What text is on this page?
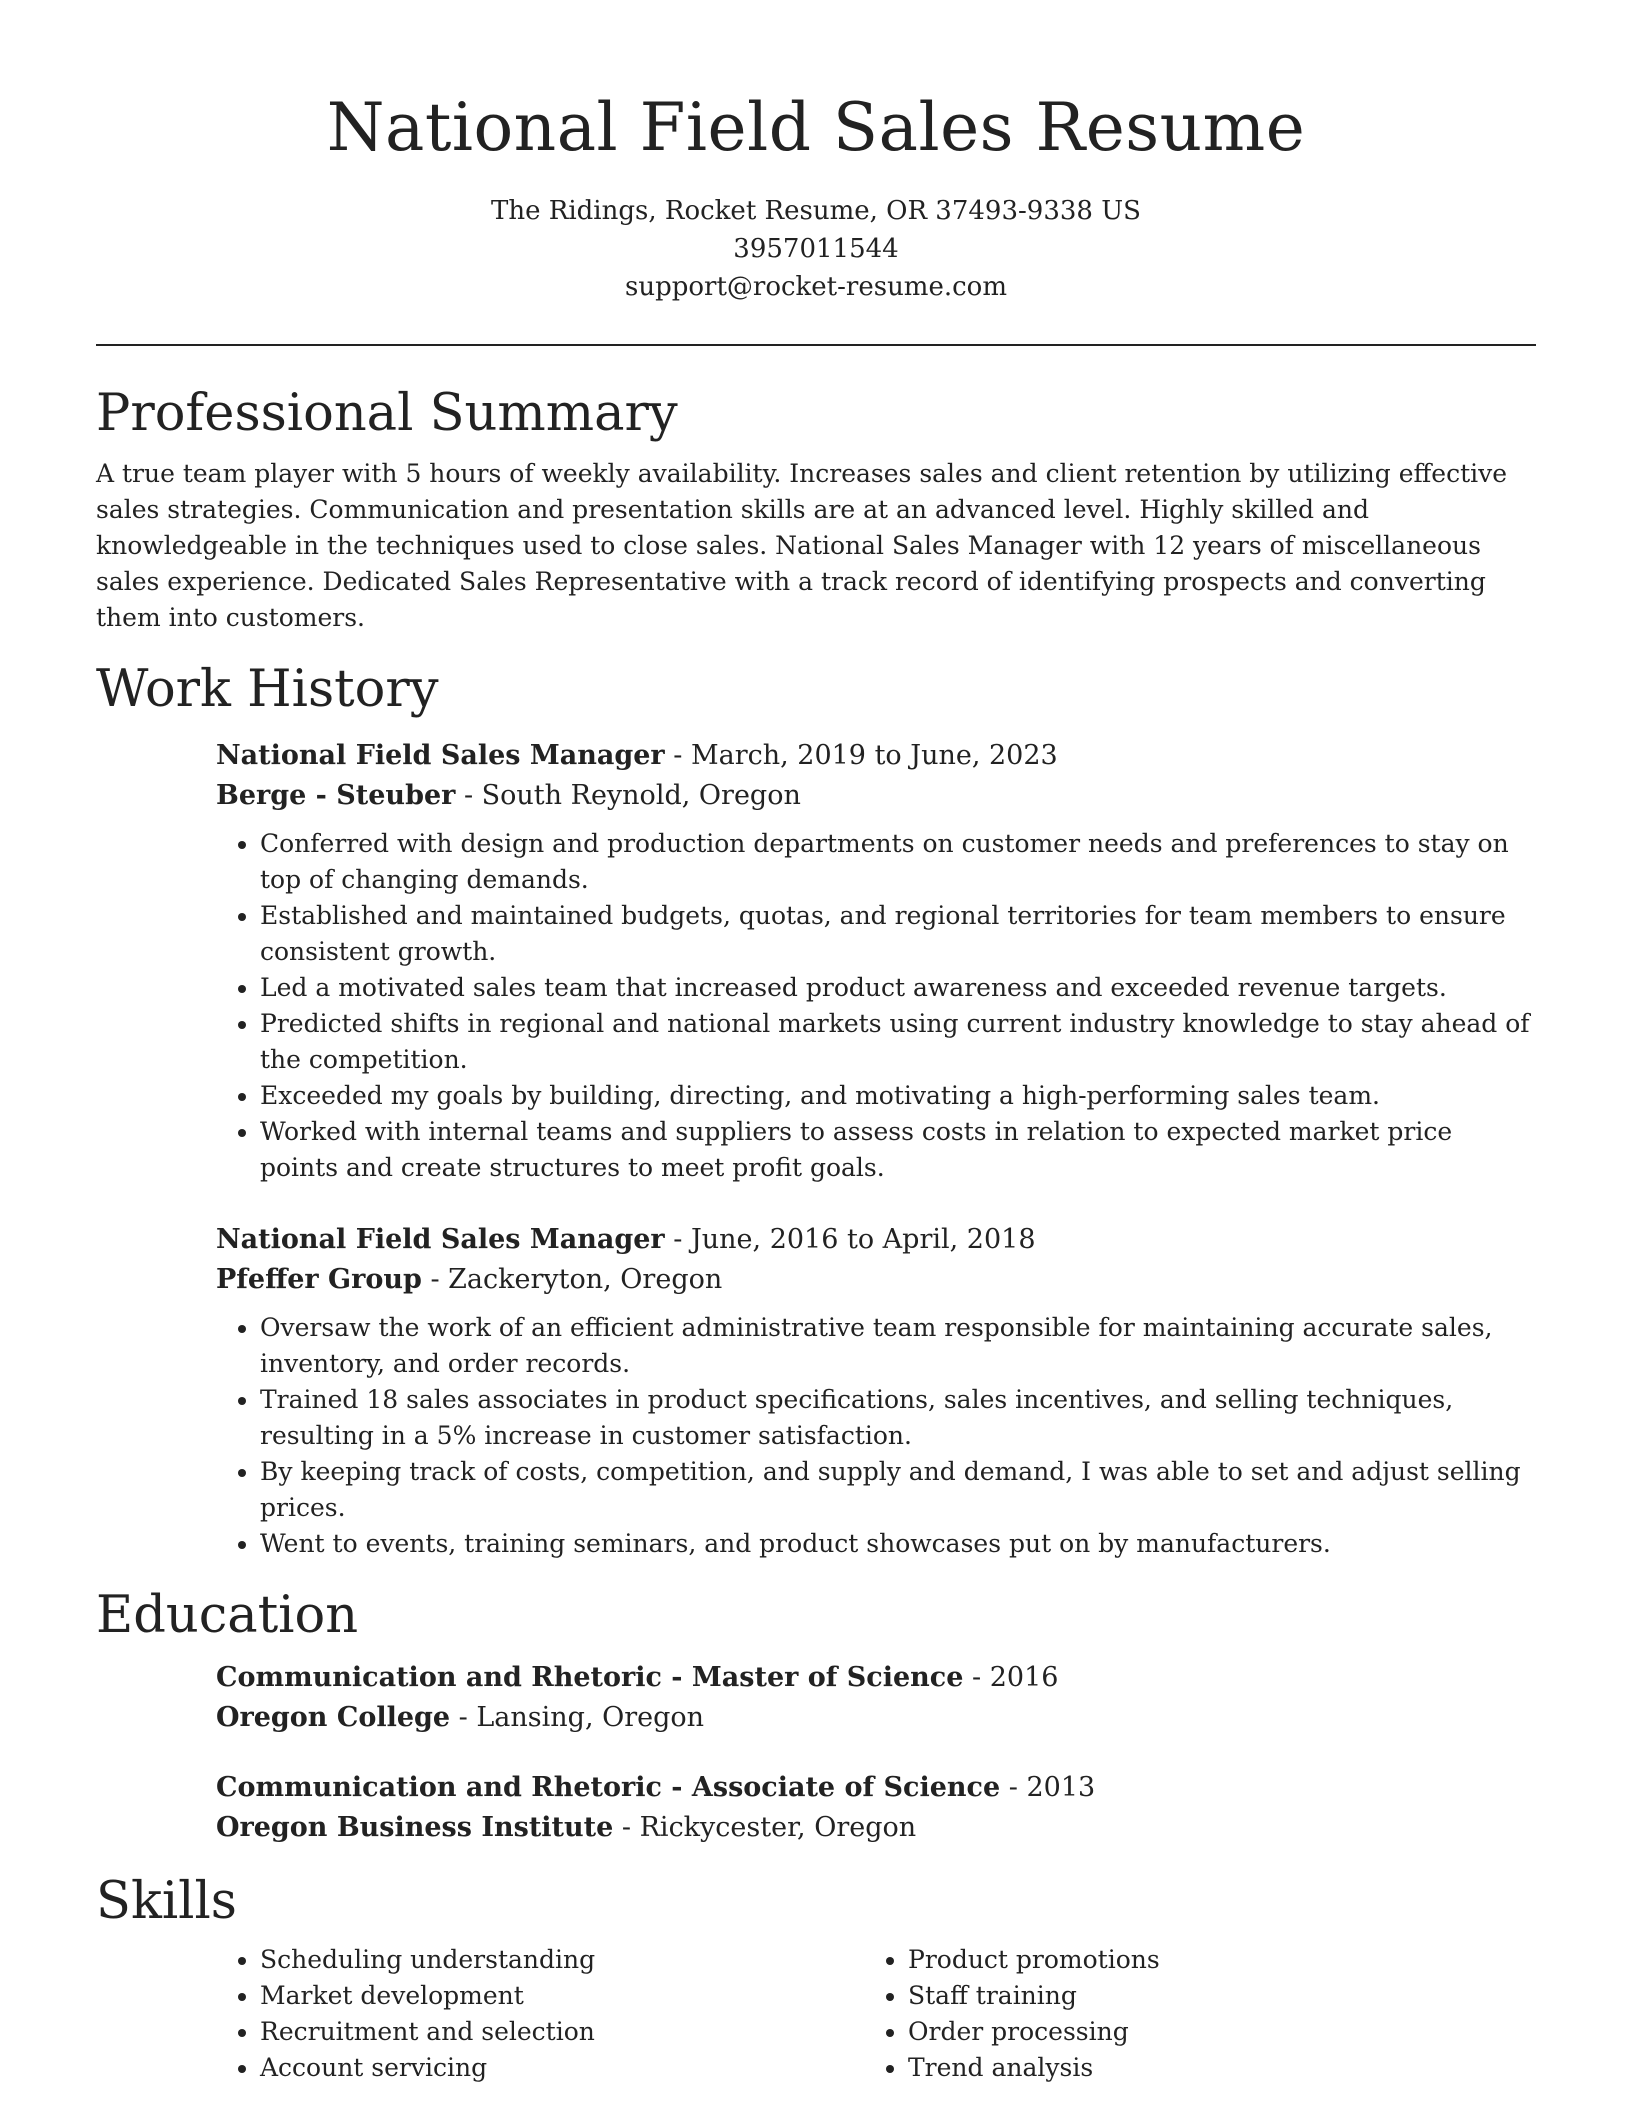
National Field Sales Resume
The Ridings, Rocket Resume, OR 37493-9338 US
3957011544
support@rocket-resume.com
Professional Summary

A true team player with 5 hours of weekly availability. Increases sales and client retention by utilizing effective sales strategies. Communication and presentation skills are at an advanced level. Highly skilled and knowledgeable in the techniques used to close sales. National Sales Manager with 12 years of miscellaneous sales experience. Dedicated Sales Representative with a track record of identifying prospects and converting them into customers.

Work History
National Field Sales Manager - March, 2019 to June, 2023
Berge - Steuber - South Reynold, Oregon
• Conferred with design and production departments on customer needs and preferences to stay on top of changing demands.
• Established and maintained budgets, quotas, and regional territories for team members to ensure consistent growth.
• Led a motivated sales team that increased product awareness and exceeded revenue targets.
• Predicted shifts in regional and national markets using current industry knowledge to stay ahead of the competition.
• Exceeded my goals by building, directing, and motivating a high-performing sales team.
• Worked with internal teams and suppliers to assess costs in relation to expected market price points and create structures to meet profit goals.
National Field Sales Manager - June, 2016 to April, 2018
Pfeffer Group - Zackeryton, Oregon
• Oversaw the work of an efficient administrative team responsible for maintaining accurate sales, inventory, and order records.
• Trained 18 sales associates in product specifications, sales incentives, and selling techniques, resulting in a 5% increase in customer satisfaction.
• By keeping track of costs, competition, and supply and demand, I was able to set and adjust selling prices.
• Went to events, training seminars, and product showcases put on by manufacturers.
Education
Communication and Rhetoric - Master of Science - 2016
Oregon College - Lansing, Oregon
Communication and Rhetoric - Associate of Science - 2013
Oregon Business Institute - Rickycester, Oregon
Skills
• Scheduling understanding
• Market development
• Recruitment and selection
• Account servicing
• Product promotions
• Staff training
• Order processing
• Trend analysis
